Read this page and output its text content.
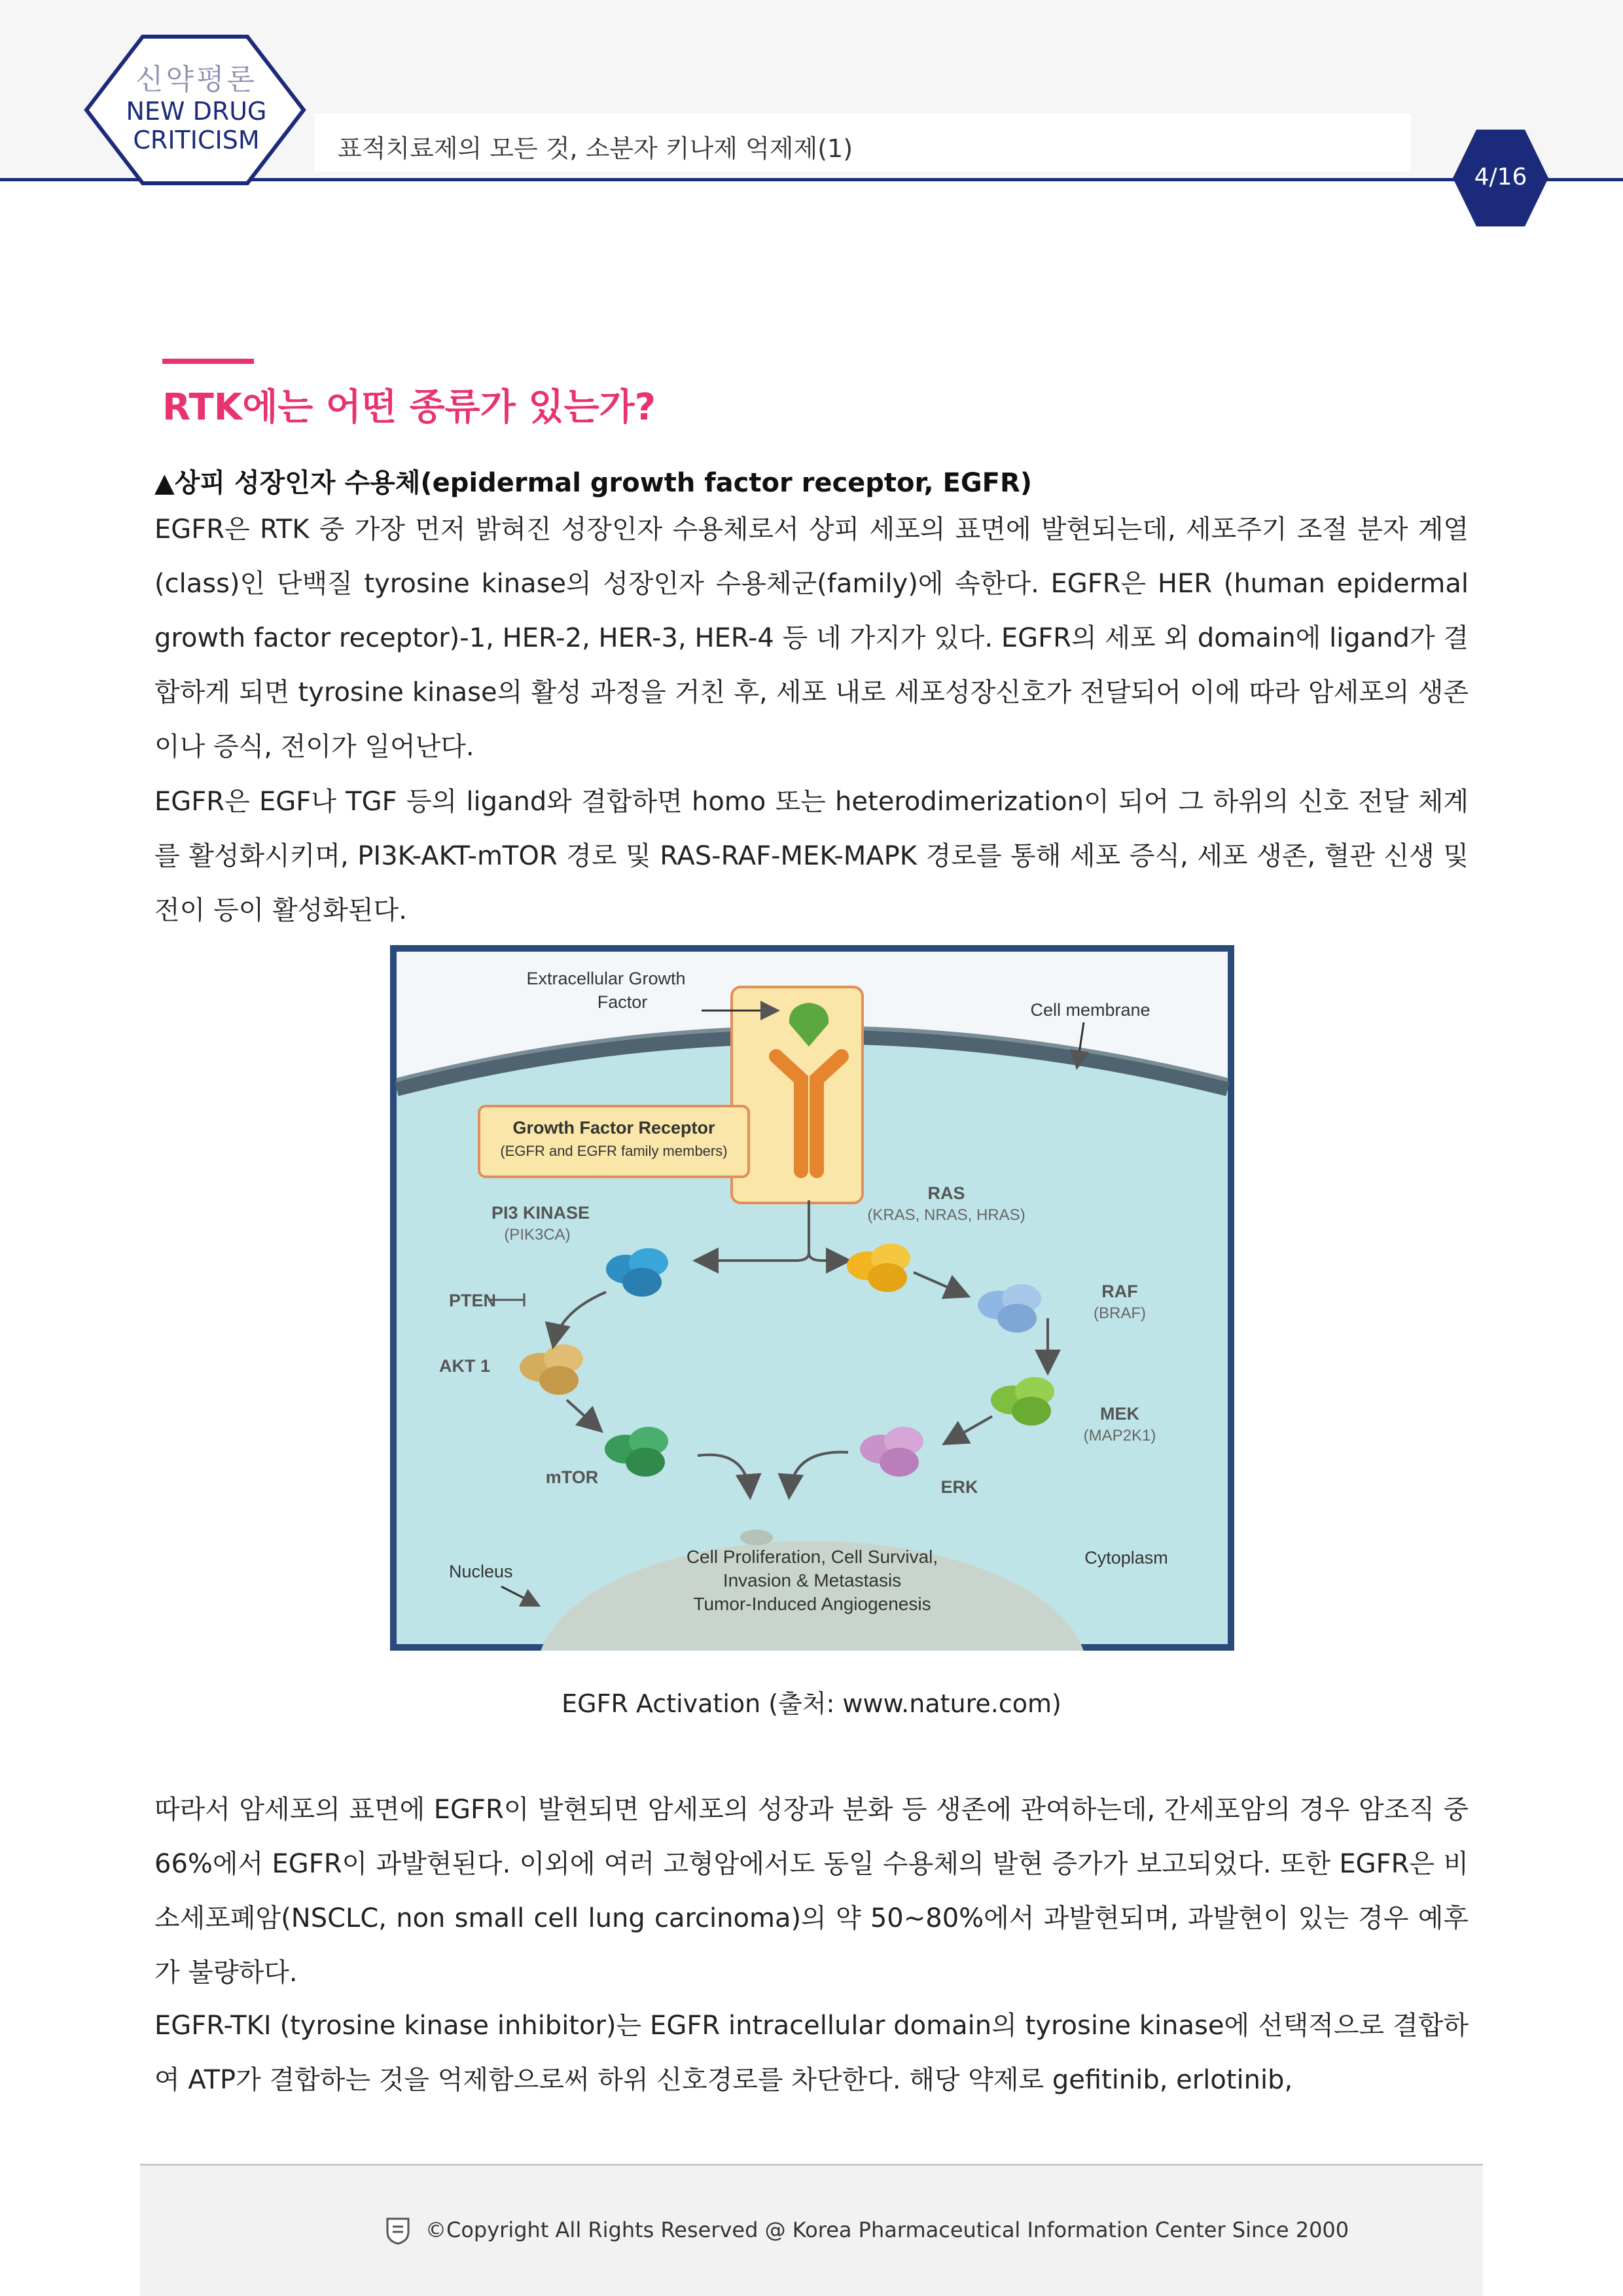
신약평론
NEW DRUG
CRITICISM	표적치료제의 모든 것, 소분자 키나제 억제제(1)
4/16
RTK에는 어떤 종류가 있는가?
▲상피 성장인자 수용체(epidermal growth factor receptor, EGFR)
EGFR은 RTK 중 가장 먼저 밝혀진 성장인자 수용체로서 상피 세포의 표면에 발현되는데, 세포주기 조절 분자 계열(class)인 단백질 tyrosine kinase의 성장인자 수용체군(family)에 속한다. EGFR은 HER (human epidermal growth factor receptor)-1, HER-2, HER-3, HER-4 등 네 가지가 있다. EGFR의 세포 외 domain에 ligand가 결합하게 되면 tyrosine kinase의 활성 과정을 거친 후, 세포 내로 세포성장신호가 전달되어 이에 따라 암세포의 생존이나 증식, 전이가 일어난다.
EGFR은 EGF나 TGF 등의 ligand와 결합하면 homo 또는 heterodimerization이 되어 그 하위의 신호 전달 체계를 활성화시키며, PI3K-AKT-mTOR 경로 및 RAS-RAF-MEK-MAPK 경로를 통해 세포 증식, 세포 생존, 혈관 신생 및 전이 등이 활성화된다.
Extracellular Growth
Factor	Cell membrane
Growth Factor Receptor
(EGFR and EGFR family members)
RAS
(KRAS, NRAS, HRAS)
PI3 KINASE
(PIK3CA)
PTEN
AKT 1
RAF
(BRAF)
MEK
(MAP2K1)
mTOR	ERK
Cell Proliferation, Cell Survival,
Invasion & Metastasis
Tumor-Induced Angiogenesis
Nucleus
Cytoplasm
EGFR Activation (출처: www.nature.com)
따라서 암세포의 표면에 EGFR이 발현되면 암세포의 성장과 분화 등 생존에 관여하는데, 간세포암의 경우 암조직 중 66%에서 EGFR이 과발현된다. 이외에 여러 고형암에서도 동일 수용체의 발현 증가가 보고되었다. 또한 EGFR은 비소세포폐암(NSCLC, non small cell lung carcinoma)의 약 50~80%에서 과발현되며, 과발현이 있는 경우 예후가 불량하다.
EGFR-TKI (tyrosine kinase inhibitor)는 EGFR intracellular domain의 tyrosine kinase에 선택적으로 결합하여 ATP가 결합하는 것을 억제함으로써 하위 신호경로를 차단한다. 해당 약제로 gefitinib, erlotinib,
©Copyright All Rights Reserved @ Korea Pharmaceutical Information Center Since 2000
